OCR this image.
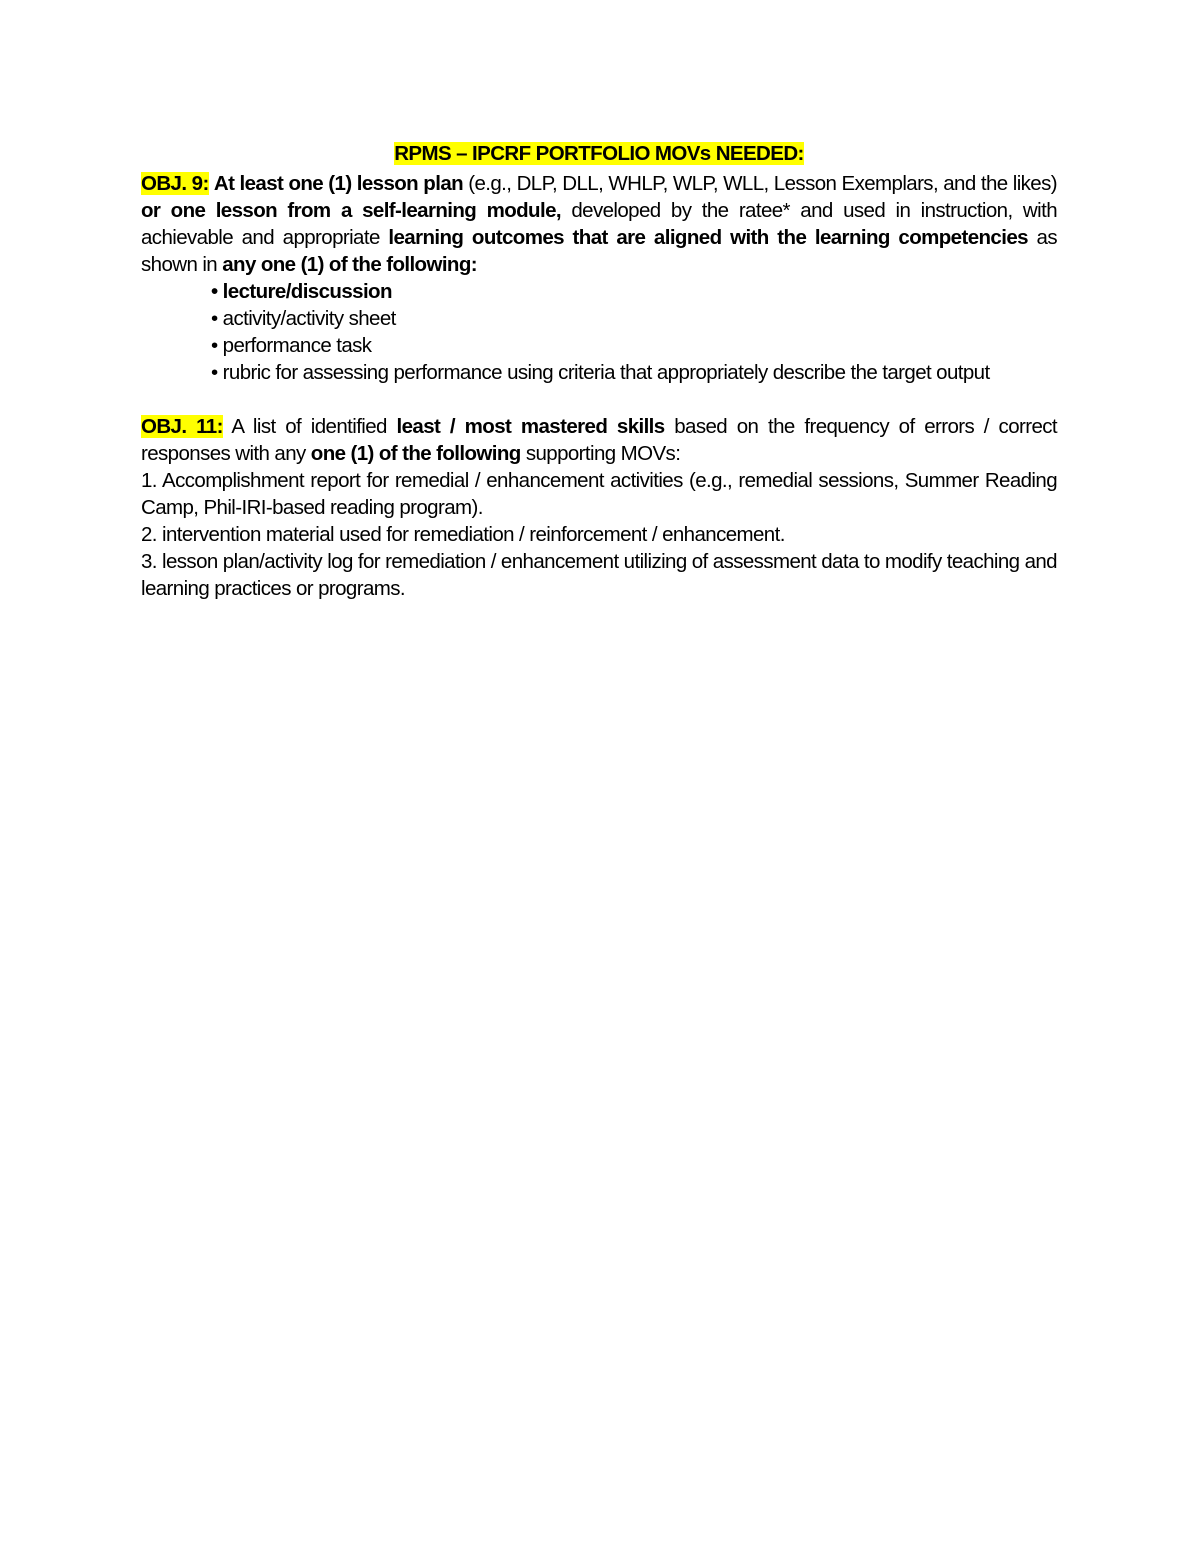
RPMS – IPCRF PORTFOLIO MOVs NEEDED:

OBJ. 9: At least one (1) lesson plan (e.g., DLP, DLL, WHLP, WLP, WLL, Lesson Exemplars, and the likes) or one lesson from a self-learning module, developed by the ratee* and used in instruction, with achievable and appropriate learning outcomes that are aligned with the learning competencies as shown in any one (1) of the following:

• lecture/discussion
• activity/activity sheet
• performance task
• rubric for assessing performance using criteria that appropriately describe the target output

OBJ. 11: A list of identified least / most mastered skills based on the frequency of errors / correct responses with any one (1) of the following supporting MOVs:

1. Accomplishment report for remedial / enhancement activities (e.g., remedial sessions, Summer Reading Camp, Phil-IRI-based reading program).

2. intervention material used for remediation / reinforcement / enhancement.

3. lesson plan/activity log for remediation / enhancement utilizing of assessment data to modify teaching and learning practices or programs.
